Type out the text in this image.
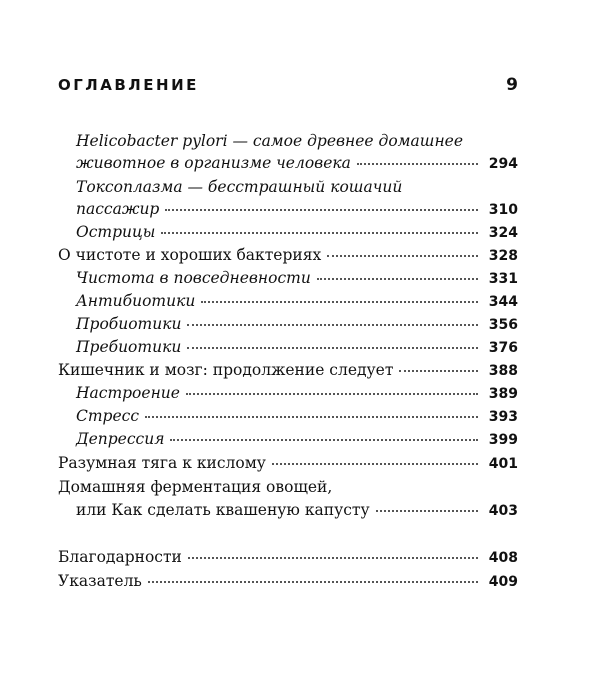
ОГЛАВЛЕНИЕ	9
Helicobacter pylori — самое древнее домашнее
животное в организме человека	294
Токсоплазма — бесстрашный кошачий
пассажир	310
Острицы	324
О чистоте и хороших бактериях	328
Чистота в повседневности	331
Антибиотики	344
Пробиотики	356
Пребиотики	376
Кишечник и мозг: продолжение следует	388
Настроение	389
Стресс	393
Депрессия	399
Разумная тяга к кислому	401
Домашняя ферментация овощей,
или Как сделать квашеную капусту	403
Благодарности	408
Указатель	409
